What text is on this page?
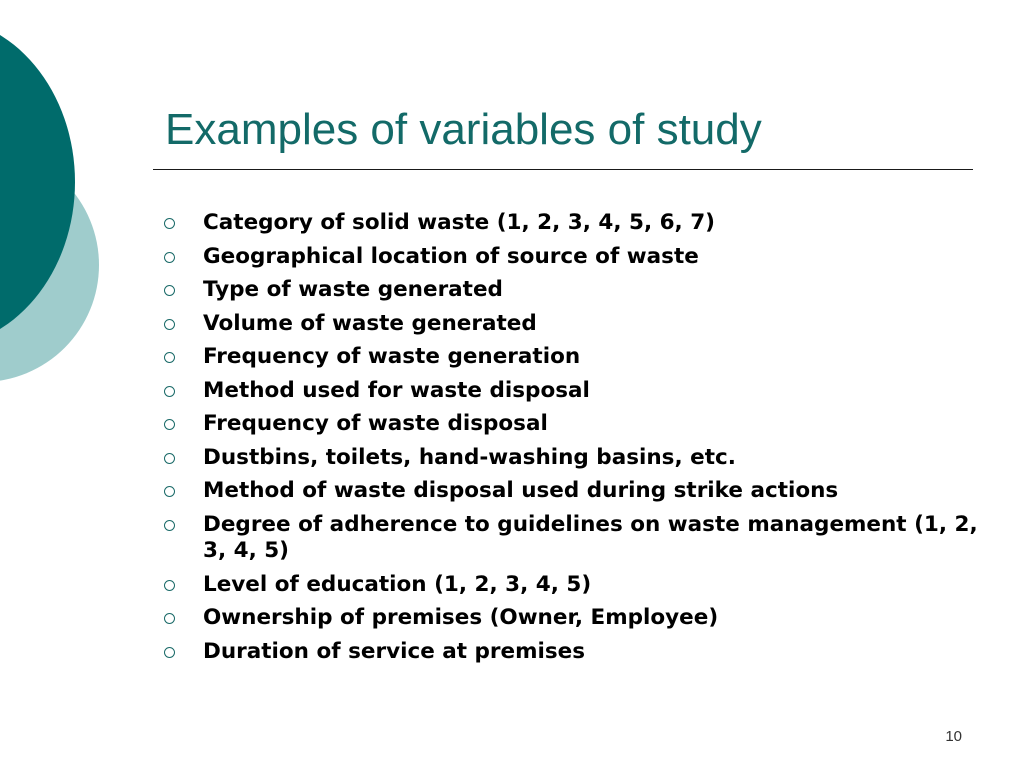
Examples of variables of study
Category of solid waste (1, 2, 3, 4, 5, 6, 7)
Geographical location of source of waste
Type of waste generated
Volume of waste generated
Frequency of waste generation
Method used for waste disposal
Frequency of waste disposal
Dustbins, toilets, hand-washing basins, etc.
Method of waste disposal used during strike actions
Degree of adherence to guidelines on waste management (1, 2, 3, 4, 5)
Level of education (1, 2, 3, 4, 5)
Ownership of premises (Owner, Employee)
Duration of service at premises
10
